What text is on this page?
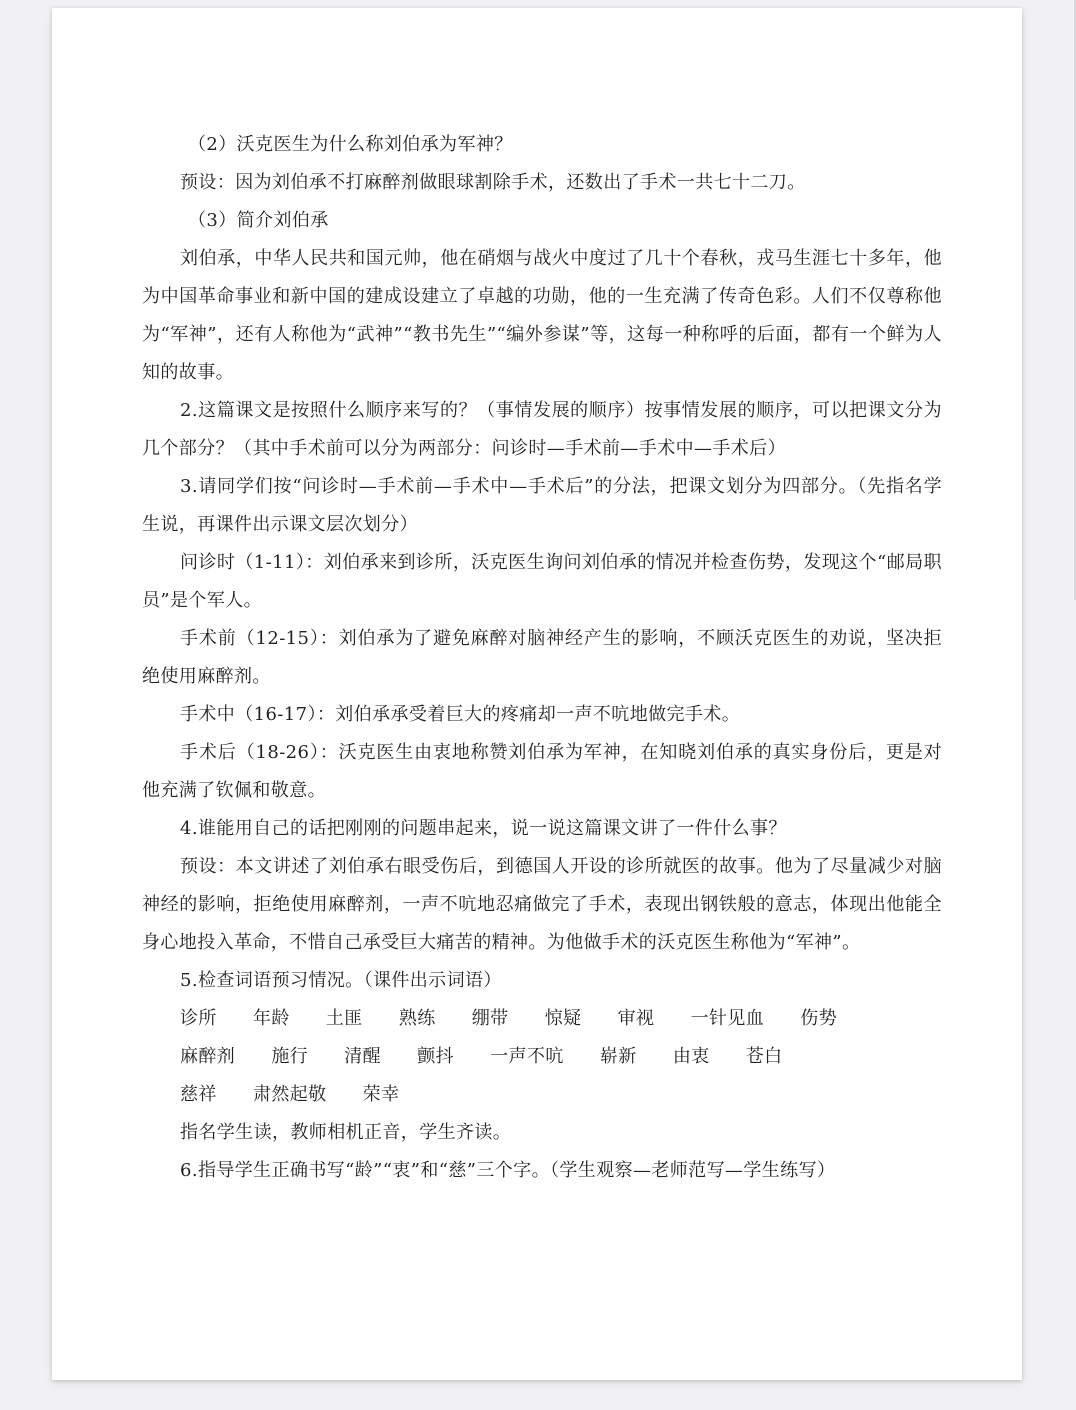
（2）沃克医生为什么称刘伯承为军神？

预设：因为刘伯承不打麻醉剂做眼球割除手术，还数出了手术一共七十二刀。

（3）简介刘伯承

刘伯承，中华人民共和国元帅，他在硝烟与战火中度过了几十个春秋，戎马生涯七十多年，他为中国革命事业和新中国的建成设建立了卓越的功勋，他的一生充满了传奇色彩。人们不仅尊称他为“军神”，还有人称他为“武神”“教书先生”“编外参谋”等，这每一种称呼的后面，都有一个鲜为人知的故事。

2.这篇课文是按照什么顺序来写的？（事情发展的顺序）按事情发展的顺序，可以把课文分为几个部分？（其中手术前可以分为两部分：问诊时—手术前—手术中—手术后）

3.请同学们按“问诊时—手术前—手术中—手术后”的分法，把课文划分为四部分。（先指名学生说，再课件出示课文层次划分）

问诊时（1-11）：刘伯承来到诊所，沃克医生询问刘伯承的情况并检查伤势，发现这个“邮局职员”是个军人。

手术前（12-15）：刘伯承为了避免麻醉对脑神经产生的影响，不顾沃克医生的劝说，坚决拒绝使用麻醉剂。

手术中（16-17）：刘伯承承受着巨大的疼痛却一声不吭地做完手术。

手术后（18-26）：沃克医生由衷地称赞刘伯承为军神，在知晓刘伯承的真实身份后，更是对他充满了钦佩和敬意。

4.谁能用自己的话把刚刚的问题串起来，说一说这篇课文讲了一件什么事？

预设：本文讲述了刘伯承右眼受伤后，到德国人开设的诊所就医的故事。他为了尽量减少对脑神经的影响，拒绝使用麻醉剂，一声不吭地忍痛做完了手术，表现出钢铁般的意志，体现出他能全身心地投入革命，不惜自己承受巨大痛苦的精神。为他做手术的沃克医生称他为“军神”。

5.检查词语预习情况。（课件出示词语）

诊所 年龄 土匪 熟练 绷带 惊疑 审视 一针见血 伤势
麻醉剂 施行 清醒 颤抖 一声不吭 崭新 由衷 苍白
慈祥 肃然起敬 荣幸

指名学生读，教师相机正音，学生齐读。

6.指导学生正确书写“龄”“衷”和“慈”三个字。（学生观察—老师范写—学生练写）
